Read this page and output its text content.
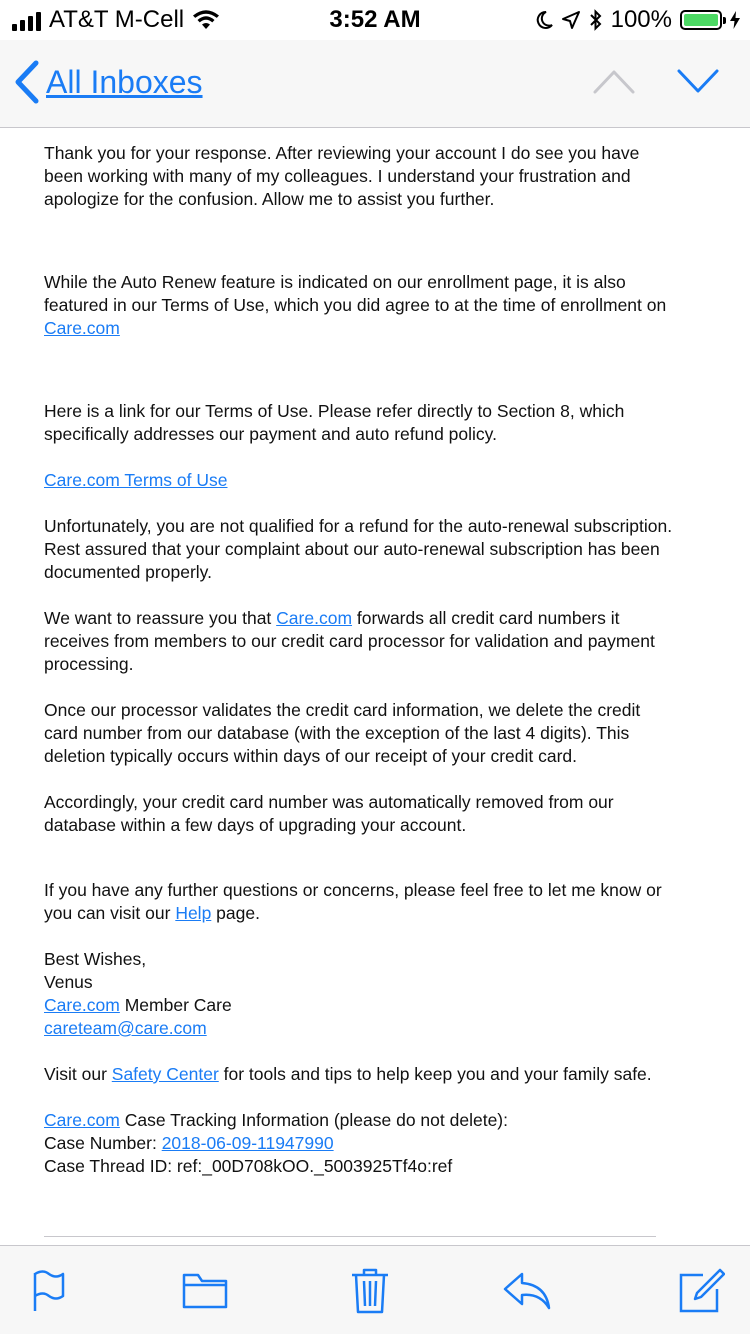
AT&T M-Cell	3:52 AM	100%
All Inboxes

Thank you for your response. After reviewing your account I do see you have been working with many of my colleagues. I understand your frustration and apologize for the confusion. Allow me to assist you further.

While the Auto Renew feature is indicated on our enrollment page, it is also featured in our Terms of Use, which you did agree to at the time of enrollment on Care.com

Here is a link for our Terms of Use. Please refer directly to Section 8, which specifically addresses our payment and auto refund policy.

Care.com Terms of Use

Unfortunately, you are not qualified for a refund for the auto-renewal subscription. Rest assured that your complaint about our auto-renewal subscription has been documented properly.

We want to reassure you that Care.com forwards all credit card numbers it receives from members to our credit card processor for validation and payment processing.

Once our processor validates the credit card information, we delete the credit card number from our database (with the exception of the last 4 digits). This deletion typically occurs within days of our receipt of your credit card.

Accordingly, your credit card number was automatically removed from our database within a few days of upgrading your account.

If you have any further questions or concerns, please feel free to let me know or you can visit our Help page.

Best Wishes,

Venus

Care.com Member Care

careteam@care.com

Visit our Safety Center for tools and tips to help keep you and your family safe.

Care.com Case Tracking Information (please do not delete):

Case Number: 2018-06-09-11947990

Case Thread ID: ref:_00D708kOO._5003925Tf4o:ref
